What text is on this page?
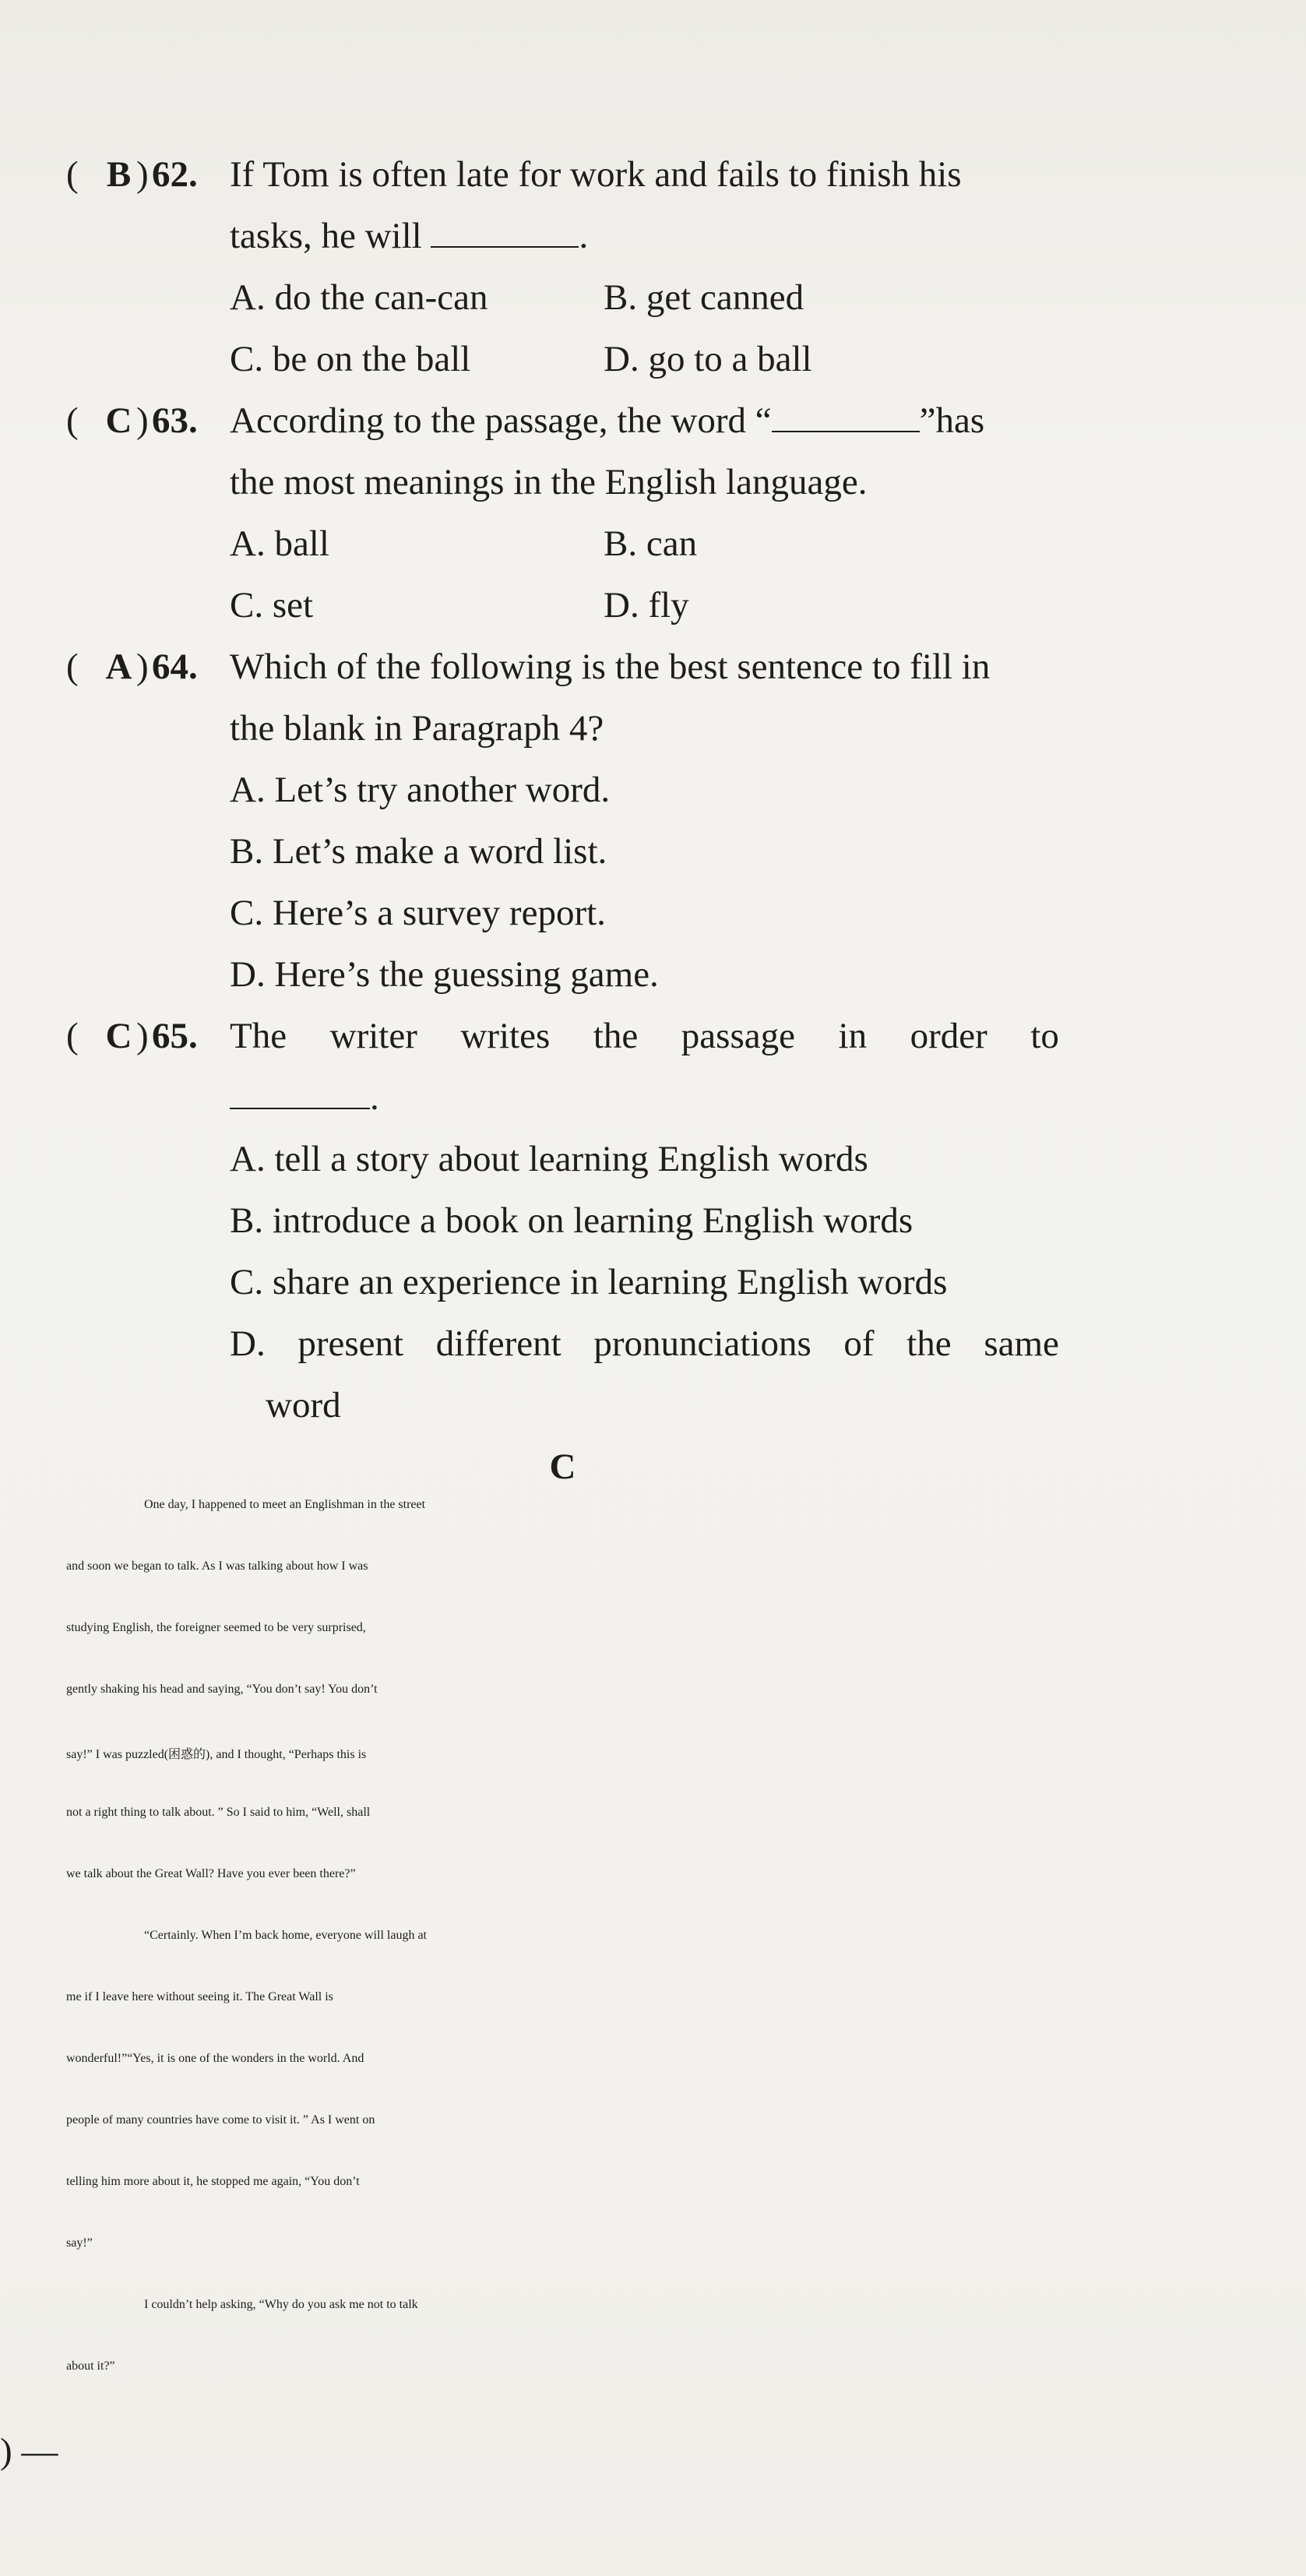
( B ) 62. If Tom is often late for work and fails to finish his
tasks, he will	.
A. do the can-can	B. get canned
C. be on the ball	D. go to a ball
( C ) 63. According to the passage, the word “	”has
the most meanings in the English language.
A. ball	B. can
C. set	D. fly
( A ) 64. Which of the following is the best sentence to fill in
the blank in Paragraph 4?
A. Let’s try another word.
B. Let’s make a word list.
C. Here’s a survey report.
D. Here’s the guessing game.
( C ) 65. The writer writes the passage in order to
.
A. tell a story about learning English words
B. introduce a book on learning English words
C. share an experience in learning English words
D. present different pronunciations of the same
word
C
One day, I happened to meet an Englishman in the street
and soon we began to talk. As I was talking about how I was
studying English, the foreigner seemed to be very surprised,
gently shaking his head and saying, “You don’t say! You don’t
say!” I was puzzled(困惑的), and I thought, “Perhaps this is
not a right thing to talk about. ” So I said to him, “Well, shall
we talk about the Great Wall? Have you ever been there?”
“Certainly. When I’m back home, everyone will laugh at
me if I leave here without seeing it. The Great Wall is
wonderful!”“Yes, it is one of the wonders in the world. And
people of many countries have come to visit it. ” As I went on
telling him more about it, he stopped me again, “You don’t
say!”
I couldn’t help asking, “Why do you ask me not to talk
about it?”
) —
